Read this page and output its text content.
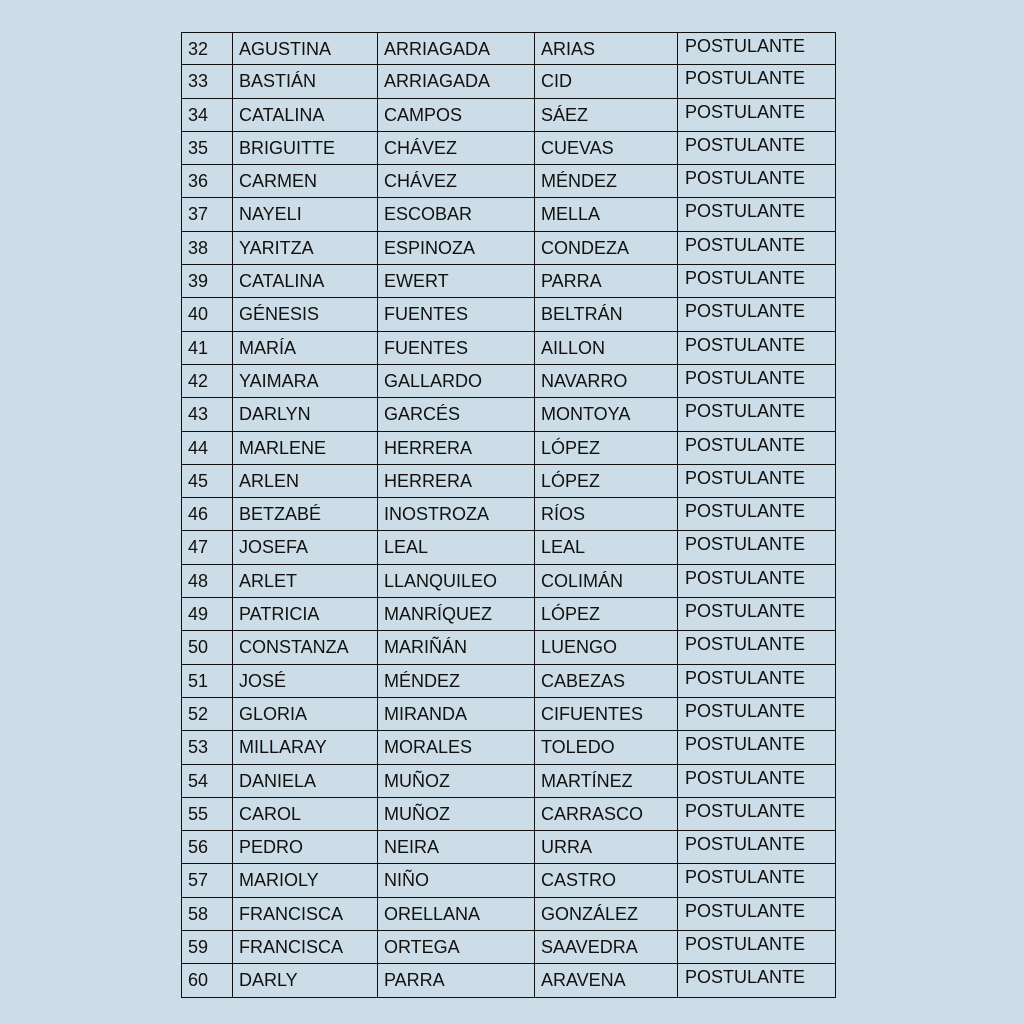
32	AGUSTINA	ARRIAGADA	ARIAS	POSTULANTE
33	BASTIÁN	ARRIAGADA	CID	POSTULANTE
34	CATALINA	CAMPOS	SÁEZ	POSTULANTE
35	BRIGUITTE	CHÁVEZ	CUEVAS	POSTULANTE
36	CARMEN	CHÁVEZ	MÉNDEZ	POSTULANTE
37	NAYELI	ESCOBAR	MELLA	POSTULANTE
38	YARITZA	ESPINOZA	CONDEZA	POSTULANTE
39	CATALINA	EWERT	PARRA	POSTULANTE
40	GÉNESIS	FUENTES	BELTRÁN	POSTULANTE
41	MARÍA	FUENTES	AILLON	POSTULANTE
42	YAIMARA	GALLARDO	NAVARRO	POSTULANTE
43	DARLYN	GARCÉS	MONTOYA	POSTULANTE
44	MARLENE	HERRERA	LÓPEZ	POSTULANTE
45	ARLEN	HERRERA	LÓPEZ	POSTULANTE
46	BETZABÉ	INOSTROZA	RÍOS	POSTULANTE
47	JOSEFA	LEAL	LEAL	POSTULANTE
48	ARLET	LLANQUILEO	COLIMÁN	POSTULANTE
49	PATRICIA	MANRÍQUEZ	LÓPEZ	POSTULANTE
50	CONSTANZA	MARIÑÁN	LUENGO	POSTULANTE
51	JOSÉ	MÉNDEZ	CABEZAS	POSTULANTE
52	GLORIA	MIRANDA	CIFUENTES	POSTULANTE
53	MILLARAY	MORALES	TOLEDO	POSTULANTE
54	DANIELA	MUÑOZ	MARTÍNEZ	POSTULANTE
55	CAROL	MUÑOZ	CARRASCO	POSTULANTE
56	PEDRO	NEIRA	URRA	POSTULANTE
57	MARIOLY	NIÑO	CASTRO	POSTULANTE
58	FRANCISCA	ORELLANA	GONZÁLEZ	POSTULANTE
59	FRANCISCA	ORTEGA	SAAVEDRA	POSTULANTE
60	DARLY	PARRA	ARAVENA	POSTULANTE
